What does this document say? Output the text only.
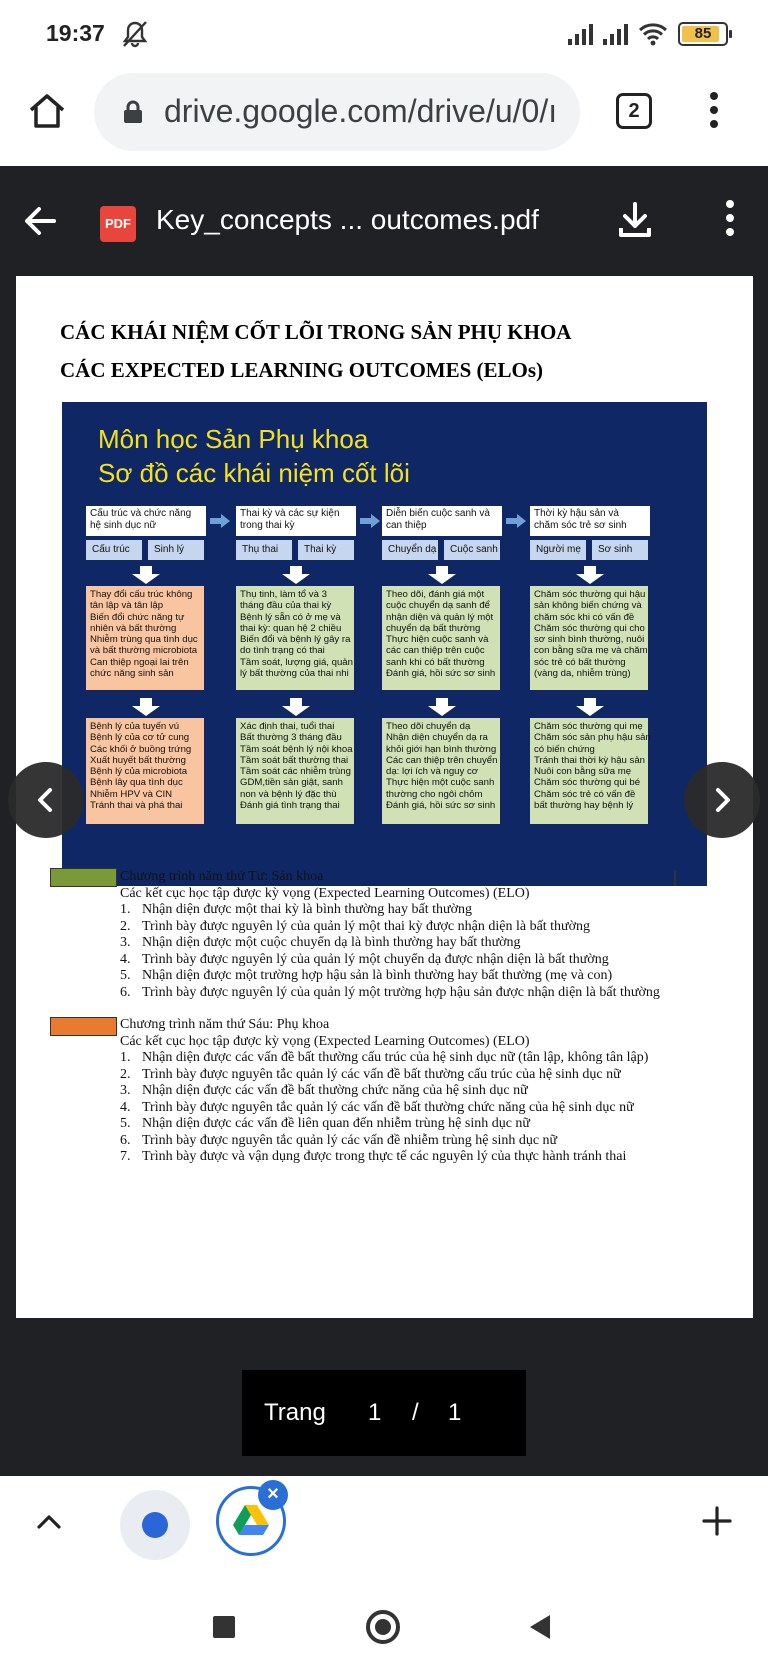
19:37	85
drive.google.com/drive/u/0/ı	2
PDF Key_concepts ... outcomes.pdf
CÁC KHÁI NIỆM CỐT LÕI TRONG SẢN PHỤ KHOA
CÁC EXPECTED LEARNING OUTCOMES (ELOs)
Môn học Sản Phụ khoa
Sơ đồ các khái niệm cốt lõi
Cấu trúc và chức năng hệ sinh dục nữ
Cấu trúc	Sinh lý
Thay đổi cấu trúc không
tân lập và tân lập
Biến đổi chức năng tự
nhiên và bất thường
Nhiễm trùng qua tình dục
và bất thường microbiota
Can thiệp ngoại lai trên
chức năng sinh sản
Bệnh lý của tuyến vú
Bệnh lý của cơ tử cung
Các khối ở buồng trứng
Xuất huyết bất thường
Bệnh lý của microbiota
Bệnh lây qua tình dục
Nhiễm HPV và CIN
Tránh thai và phá thai
Thai kỳ và các sự kiện trong thai kỳ
Thụ thai	Thai kỳ
Thụ tinh, làm tổ và 3
tháng đầu của thai kỳ
Bệnh lý sẵn có ở mẹ và
thai kỳ: quan hệ 2 chiều
Biến đổi và bệnh lý gây ra
do tình trạng có thai
Tầm soát, lượng giá, quản
lý bất thường của thai nhi
Xác định thai, tuổi thai
Bất thường 3 tháng đầu
Tầm soát bệnh lý nội khoa
Tầm soát bất thường thai
Tầm soát các nhiễm trùng
GDM,tiền sản giật, sanh
non và bệnh lý đặc thù
Đánh giá tình trạng thai
Diễn biến cuộc sanh và can thiệp
Chuyển dạ	Cuộc sanh
Theo dõi, đánh giá một
cuộc chuyển dạ sanh để
nhận diện và quản lý một
chuyển dạ bất thường
Thực hiện cuộc sanh và
các can thiệp trên cuộc
sanh khi có bất thường
Đánh giá, hồi sức sơ sinh
Theo dõi chuyển dạ
Nhận diện chuyển dạ ra
khỏi giới hạn bình thường
Các can thiệp trên chuyển
dạ: lợi ích và nguy cơ
Thực hiện một cuộc sanh
thường cho ngôi chỏm
Đánh giá, hồi sức sơ sinh
Thời kỳ hậu sản và chăm sóc trẻ sơ sinh
Người mẹ	Sơ sinh
Chăm sóc thường qui hậu
sản không biến chứng và
chăm sóc khi có vấn đề
Chăm sóc thường qui cho
sơ sinh bình thường, nuôi
con bằng sữa mẹ và chăm
sóc trẻ có bất thường
(vàng da, nhiễm trùng)
Chăm sóc thường qui mẹ
Chăm sóc sản phụ hậu sản
có biến chứng
Tránh thai thời kỳ hậu sản
Nuôi con bằng sữa mẹ
Chăm sóc thường qui bé
Chăm sóc trẻ có vấn đề
bất thường hay bệnh lý
Chương trình năm thứ Tư: Sản khoa
Các kết cục học tập được kỳ vọng (Expected Learning Outcomes) (ELO)
1. Nhận diện được một thai kỳ là bình thường hay bất thường
2. Trình bày được nguyên lý của quản lý một thai kỳ được nhận diện là bất thường
3. Nhận diện được một cuộc chuyển dạ là bình thường hay bất thường
4. Trình bày được nguyên lý của quản lý một chuyển dạ được nhận diện là bất thường
5. Nhận diện được một trường hợp hậu sản là bình thường hay bất thường (mẹ và con)
6. Trình bày được nguyên lý của quản lý một trường hợp hậu sản được nhận diện là bất thường
Chương trình năm thứ Sáu: Phụ khoa
Các kết cục học tập được kỳ vọng (Expected Learning Outcomes) (ELO)
1. Nhận diện được các vấn đề bất thường cấu trúc của hệ sinh dục nữ (tân lập, không tân lập)
2. Trình bày được nguyên tắc quản lý các vấn đề bất thường cấu trúc của hệ sinh dục nữ
3. Nhận diện được các vấn đề bất thường chức năng của hệ sinh dục nữ
4. Trình bày được nguyên tắc quản lý các vấn đề bất thường chức năng của hệ sinh dục nữ
5. Nhận diện được các vấn đề liên quan đến nhiễm trùng hệ sinh dục nữ
6. Trình bày được nguyên tắc quản lý các vấn đề nhiễm trùng hệ sinh dục nữ
7. Trình bày được và vận dụng được trong thực tế các nguyên lý của thực hành tránh thai
Trang 1 / 1
×
